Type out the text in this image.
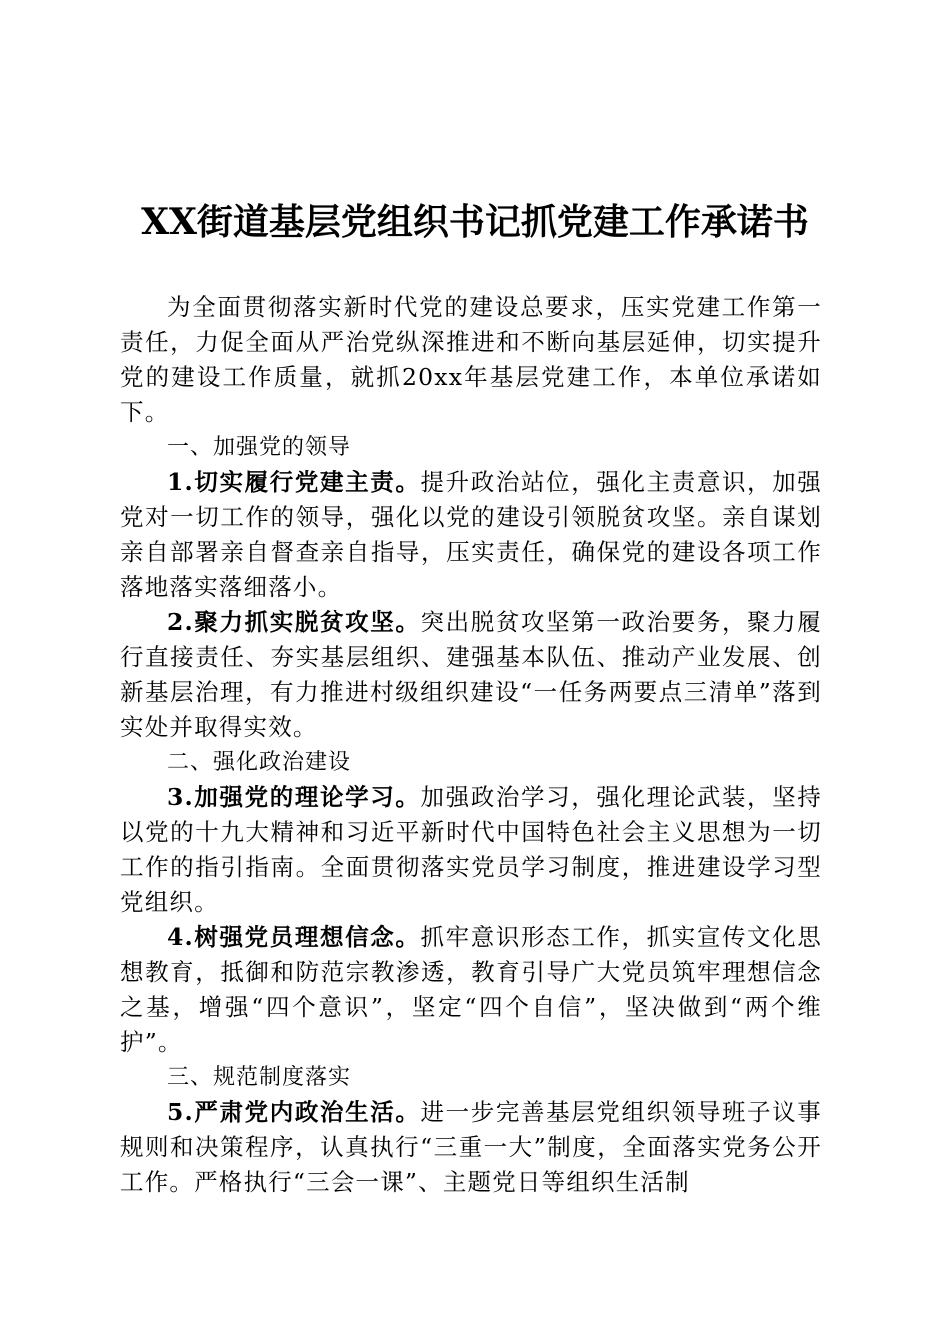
XX街道基层党组织书记抓党建工作承诺书

为全面贯彻落实新时代党的建设总要求，压实党建工作第一责任，力促全面从严治党纵深推进和不断向基层延伸，切实提升党的建设工作质量，就抓20xx年基层党建工作，本单位承诺如下。

一、加强党的领导

1.切实履行党建主责。提升政治站位，强化主责意识，加强党对一切工作的领导，强化以党的建设引领脱贫攻坚。亲自谋划亲自部署亲自督查亲自指导，压实责任，确保党的建设各项工作落地落实落细落小。

2.聚力抓实脱贫攻坚。突出脱贫攻坚第一政治要务，聚力履行直接责任、夯实基层组织、建强基本队伍、推动产业发展、创新基层治理，有力推进村级组织建设“一任务两要点三清单”落到实处并取得实效。

二、强化政治建设

3.加强党的理论学习。加强政治学习，强化理论武装，坚持以党的十九大精神和习近平新时代中国特色社会主义思想为一切工作的指引指南。全面贯彻落实党员学习制度，推进建设学习型党组织。

4.树强党员理想信念。抓牢意识形态工作，抓实宣传文化思想教育，抵御和防范宗教渗透，教育引导广大党员筑牢理想信念之基，增强“四个意识”，坚定“四个自信”，坚决做到“两个维护”。

三、规范制度落实

5.严肃党内政治生活。进一步完善基层党组织领导班子议事规则和决策程序，认真执行“三重一大”制度，全面落实党务公开工作。严格执行“三会一课”、主题党日等组织生活制
